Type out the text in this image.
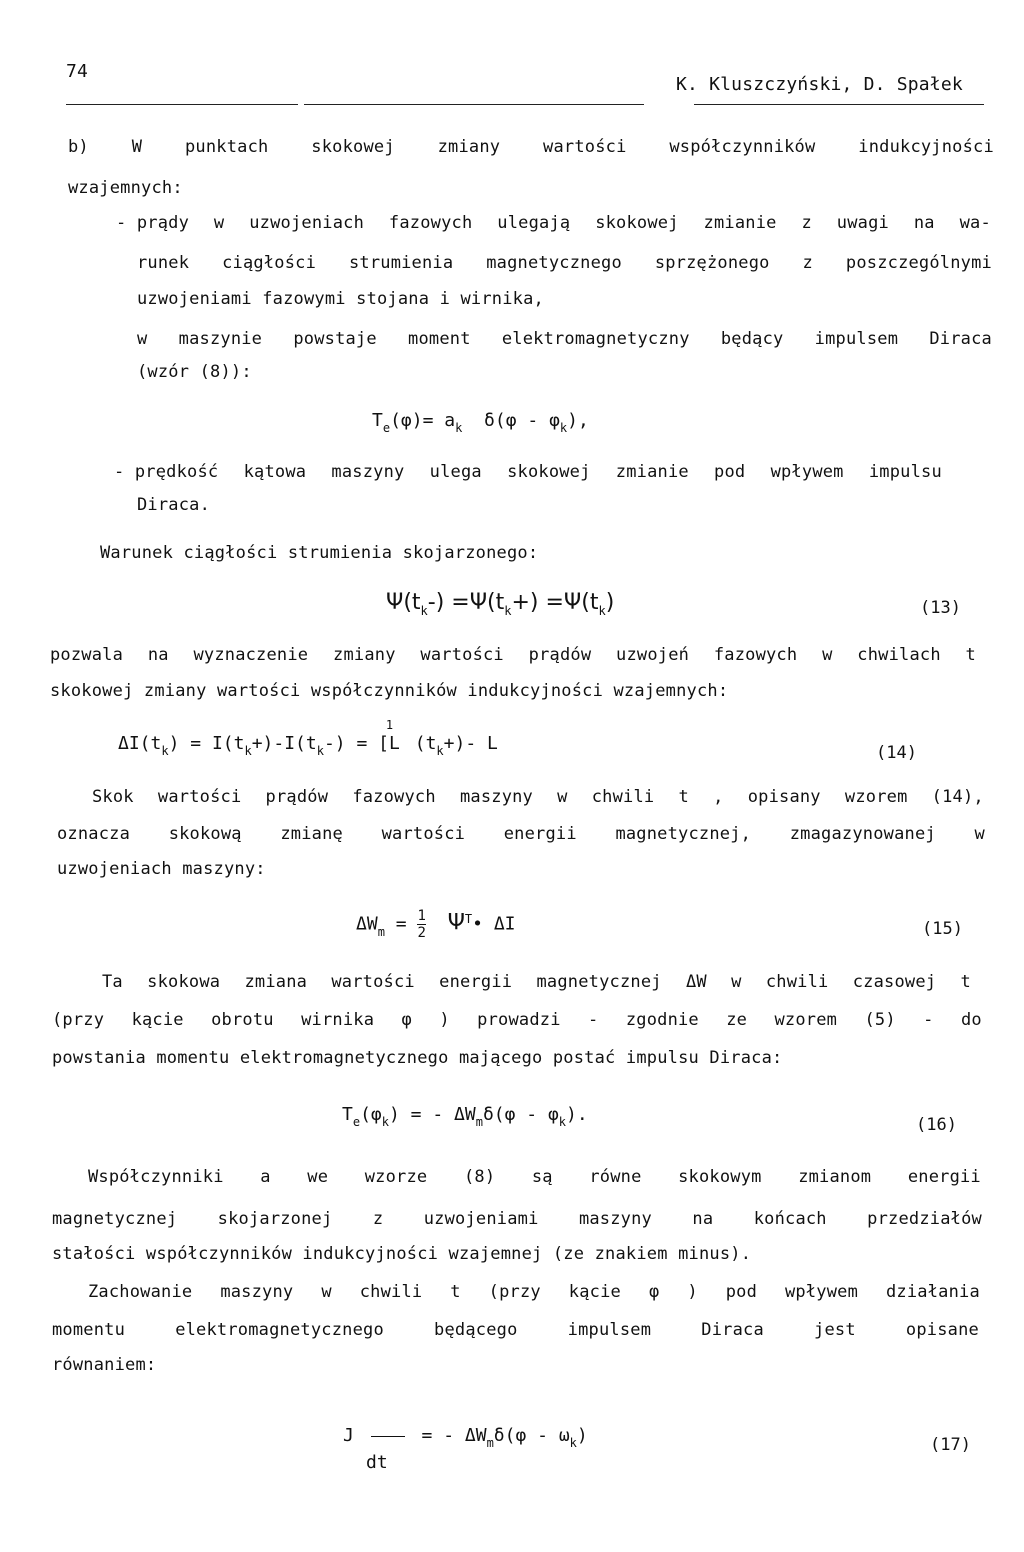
74
K. Kluszczyński, D. Spałek
b)	W	punktach	skokowej	zmiany	wartości	współczynników	indukcyjności
wzajemnych:
- prądy w uzwojeniach fazowych ulegają skokowej zmianie z uwagi na wa-
runek ciągłości strumienia magnetycznego sprzężonego z poszczególnymi
uzwojeniami fazowymi stojana i wirnika,
w maszynie powstaje moment elektromagnetyczny będący impulsem Diraca
(wzór (8)):
$T_e(\varphi)= a_k$ $\delta(\varphi - \varphi_k)$,
- prędkość kątowa maszyny ulega skokowej zmianie pod wpływem impulsu
Diraca.
Warunek ciągłości strumienia skojarzonego:
$\Psi(t_k-) =\Psi(t_k+) =\Psi(t_k)$	(13)
pozwala na wyznaczenie zmiany wartości prądów uzwojeń fazowych w chwilach t
skokowej zmiany wartości współczynników indukcyjności wzajemnych:
$\Delta I(t_k) = I(t_k+)-I(t_k-) = [L^1$  $(t_k+)-$ L	(14)
Skok wartości prądów fazowych maszyny w chwili t , opisany wzorem (14),
oznacza skokową zmianę wartości energii magnetycznej, zmagazynowanej w
uzwojeniach maszyny:
$\Delta W_m = \frac{1}{2}$ $\Psi^T•$ ΔI	(15)
Ta skokowa zmiana wartości energii magnetycznej ΔW w chwili czasowej t
(przy kącie obrotu wirnika φ ) prowadzi - zgodnie ze wzorem (5) - do
powstania momentu elektromagnetycznego mającego postać impulsu Diraca:
$T_e(\varphi_k)$ = - $\Delta W_m\delta(\varphi - \varphi_k)$.	(16)
Współczynniki a we wzorze (8) są równe skokowym zmianom energii
magnetycznej skojarzonej z uzwojeniami maszyny na końcach przedziałów
stałości współczynników indukcyjności wzajemnej (ze znakiem minus).
Zachowanie maszyny w chwili t (przy kącie φ ) pod wpływem działania
momentu	elektromagnetycznego	będącego	impulsem	Diraca	jest	opisane
równaniem:
J	= - $\Delta W_m\delta(\varphi - \omega_k)$
dt
(17)
